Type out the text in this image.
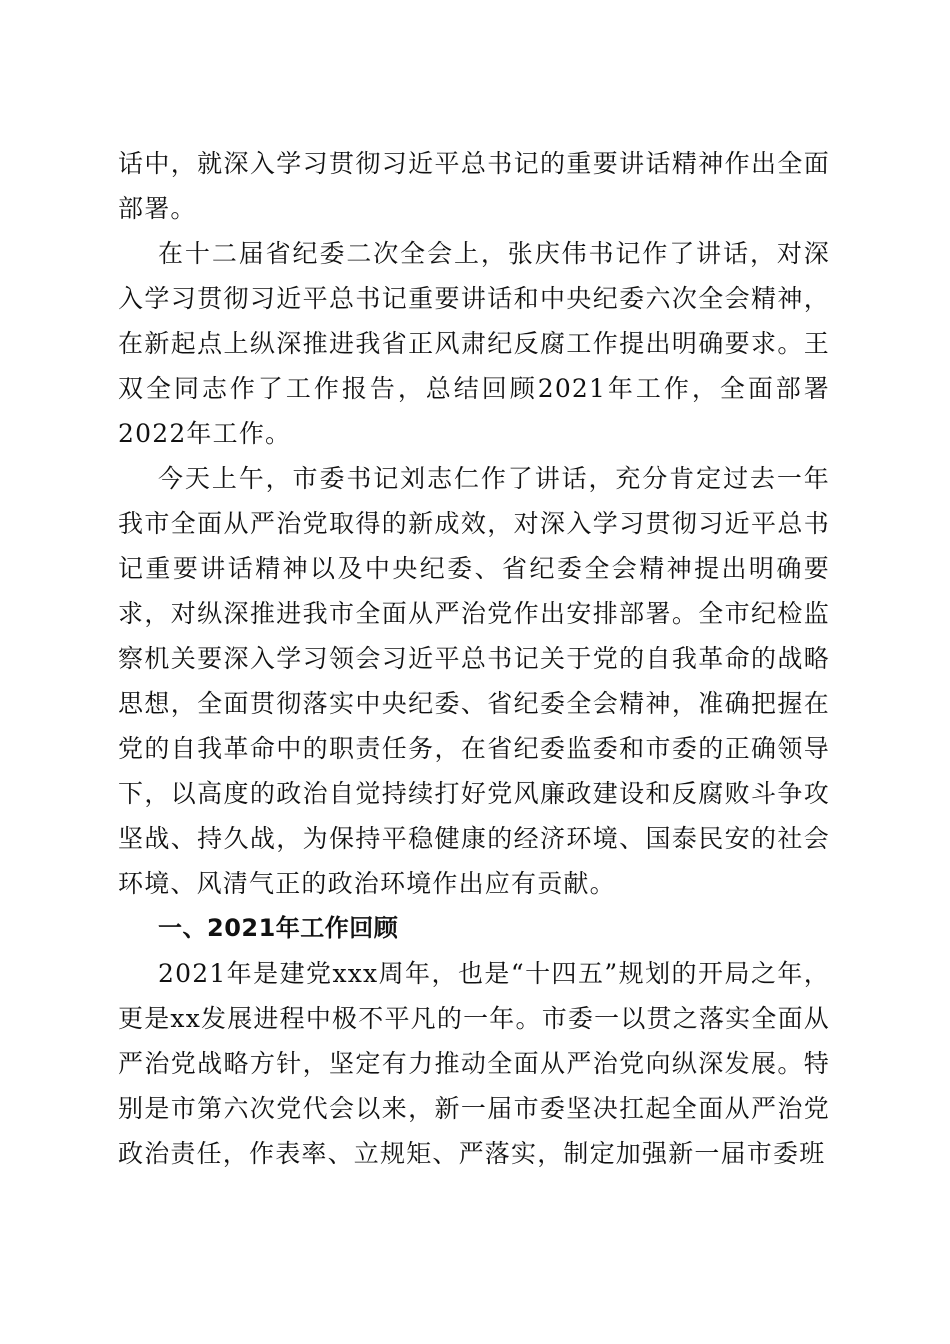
话中，就深入学习贯彻习近平总书记的重要讲话精神作出全面部署。

在十二届省纪委二次全会上，张庆伟书记作了讲话，对深入学习贯彻习近平总书记重要讲话和中央纪委六次全会精神，在新起点上纵深推进我省正风肃纪反腐工作提出明确要求。王双全同志作了工作报告，总结回顾2021年工作，全面部署2022年工作。

今天上午，市委书记刘志仁作了讲话，充分肯定过去一年我市全面从严治党取得的新成效，对深入学习贯彻习近平总书记重要讲话精神以及中央纪委、省纪委全会精神提出明确要求，对纵深推进我市全面从严治党作出安排部署。全市纪检监察机关要深入学习领会习近平总书记关于党的自我革命的战略思想，全面贯彻落实中央纪委、省纪委全会精神，准确把握在党的自我革命中的职责任务，在省纪委监委和市委的正确领导下，以高度的政治自觉持续打好党风廉政建设和反腐败斗争攻坚战、持久战，为保持平稳健康的经济环境、国泰民安的社会环境、风清气正的政治环境作出应有贡献。

一、2021年工作回顾

2021年是建党xxx周年，也是“十四五”规划的开局之年，更是xx发展进程中极不平凡的一年。市委一以贯之落实全面从严治党战略方针，坚定有力推动全面从严治党向纵深发展。特别是市第六次党代会以来，新一届市委坚决扛起全面从严治党政治责任，作表率、立规矩、严落实，制定加强新一届市委班
